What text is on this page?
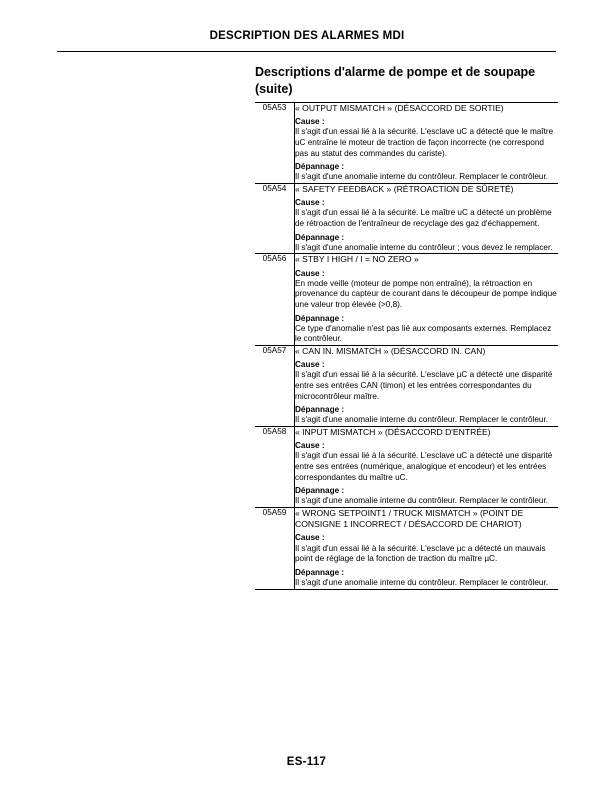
DESCRIPTION DES ALARMES MDI
Descriptions d'alarme de pompe et de soupape (suite)
05A53	« OUTPUT MISMATCH » (DÉSACCORD DE SORTIE)

Cause :

Il s'agit d'un essai lié à la sécurité. L'esclave uC a détecté que le maître uC entraîne le moteur de traction de façon incorrecte (ne correspond pas au statut des commandes du cariste).

Dépannage :

Il s'agit d'une anomalie interne du contrôleur. Remplacer le contrôleur.

05A54	« SAFETY FEEDBACK » (RÉTROACTION DE SÛRETÉ)

Cause :

Il s'agit d'un essai lié à la sécurité. Le maître uC a détecté un problème de rétroaction de l'entraîneur de recyclage des gaz d'échappement.

Dépannage :

Il s'agit d'une anomalie interne du contrôleur ; vous devez le remplacer.

05A56	« STBY I HIGH / I = NO ZERO »

Cause :

En mode veille (moteur de pompe non entraîné), la rétroaction en provenance du capteur de courant dans le découpeur de pompe indique une valeur trop élevée (>0,8).

Dépannage :

Ce type d'anomalie n'est pas lié aux composants externes. Remplacez le contrôleur.

05A57	« CAN IN. MISMATCH » (DÉSACCORD IN. CAN)

Cause :

Il s'agit d'un essai lié à la sécurité. L'esclave µC a détecté une disparité entre ses entrées CAN (timon) et les entrées correspondantes du microcontrôleur maître.

Dépannage :

Il s'agit d'une anomalie interne du contrôleur. Remplacer le contrôleur.

05A58	« INPUT MISMATCH » (DÉSACCORD D'ENTRÉE)

Cause :

Il s'agit d'un essai lié à la sécurité. L'esclave uC a détecté une disparité entre ses entrées (numérique, analogique et encodeur) et les entrées correspondantes du maître uC.

Dépannage :

Il s'agit d'une anomalie interne du contrôleur. Remplacer le contrôleur.

05A59	« WRONG SETPOINT1 / TRUCK MISMATCH » (POINT DE CONSIGNE 1 INCORRECT / DÉSACCORD DE CHARIOT)

Cause :

Il s'agit d'un essai lié à la sécurité. L'esclave µc a détecté un mauvais point de réglage de la fonction de traction du maître µC.

Dépannage :

Il s'agit d'une anomalie interne du contrôleur. Remplacer le contrôleur.

ES-117
